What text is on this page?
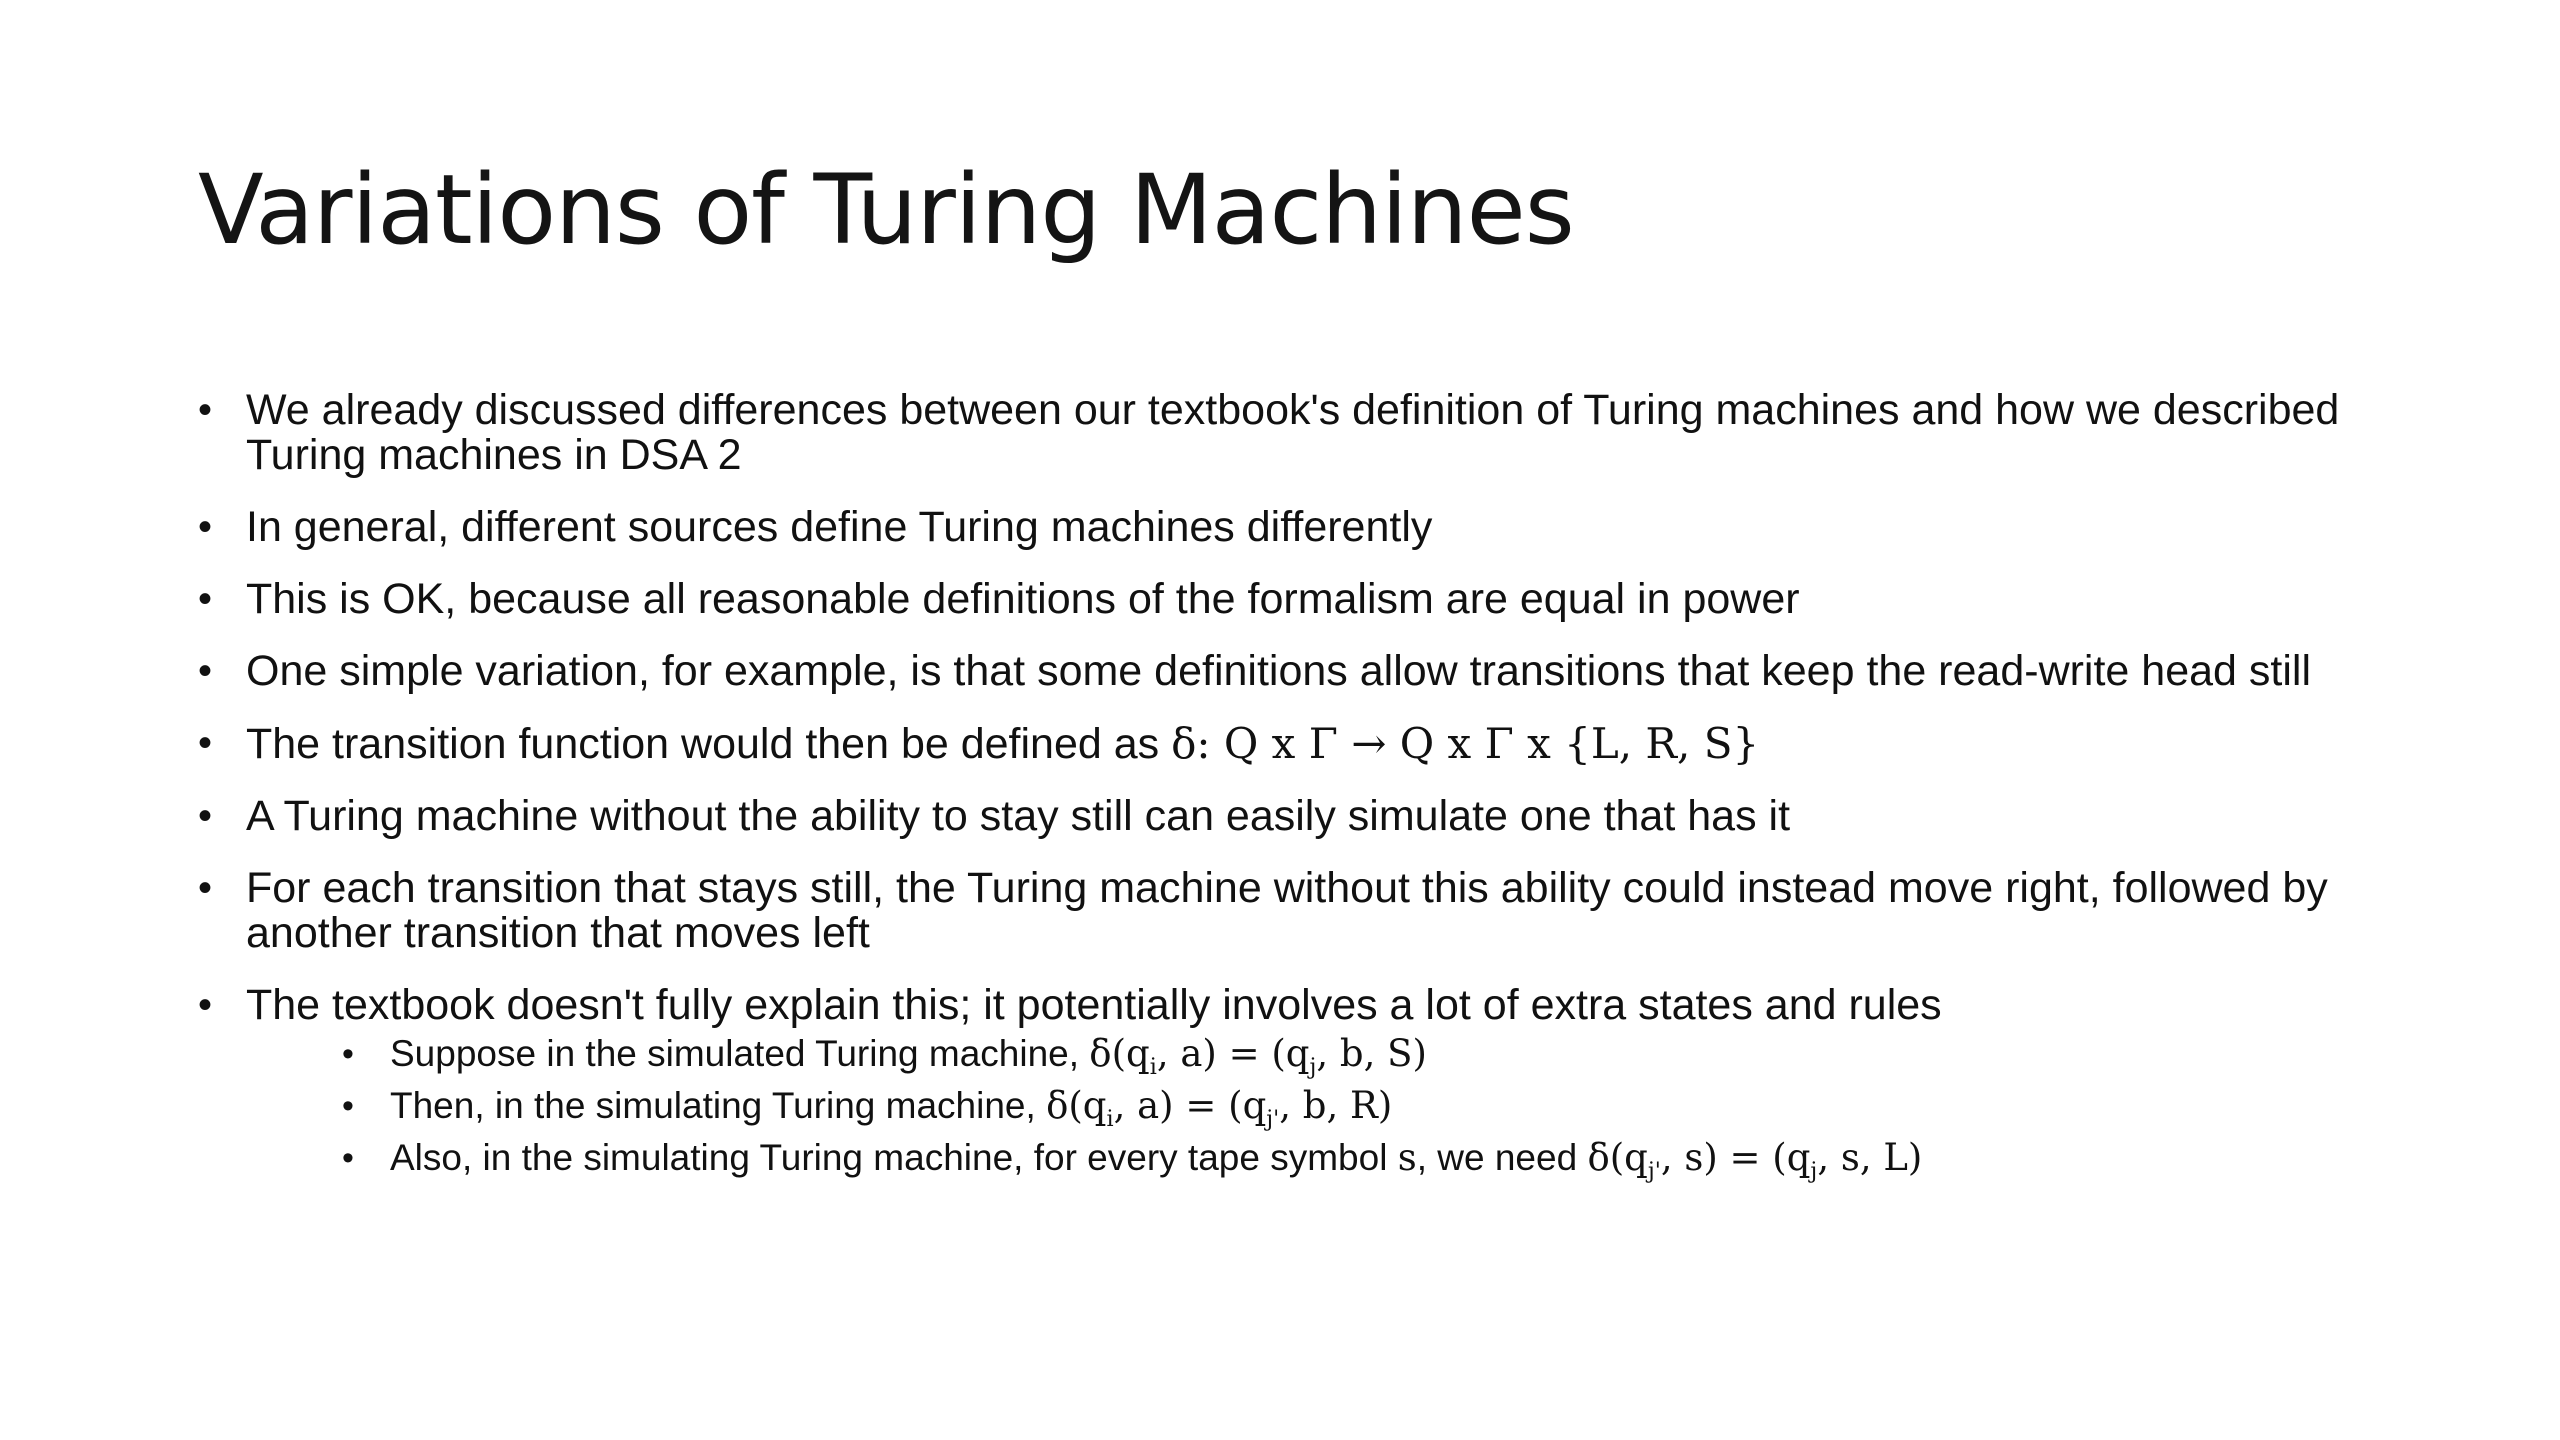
Variations of Turing Machines
• We already discussed differences between our textbook's definition of Turing machines and how we described Turing machines in DSA 2
• In general, different sources define Turing machines differently
• This is OK, because all reasonable definitions of the formalism are equal in power
• One simple variation, for example, is that some definitions allow transitions that keep the read-write head still
• The transition function would then be defined as δ: Q x Γ → Q x Γ x {L, R, S}
• A Turing machine without the ability to stay still can easily simulate one that has it
• For each transition that stays still, the Turing machine without this ability could instead move right, followed by another transition that moves left
• The textbook doesn't fully explain this; it potentially involves a lot of extra states and rules
• Suppose in the simulated Turing machine, $\delta(q_i$, $a) = (q_j$, b, S)
• Then, in the simulating Turing machine, $\delta(q_i$, $a) = (q_{j'}$, b, R)
• Also, in the simulating Turing machine, for every tape symbol s, we need $\delta(q_{j'}$, $s) = (q_j$, s, L)
